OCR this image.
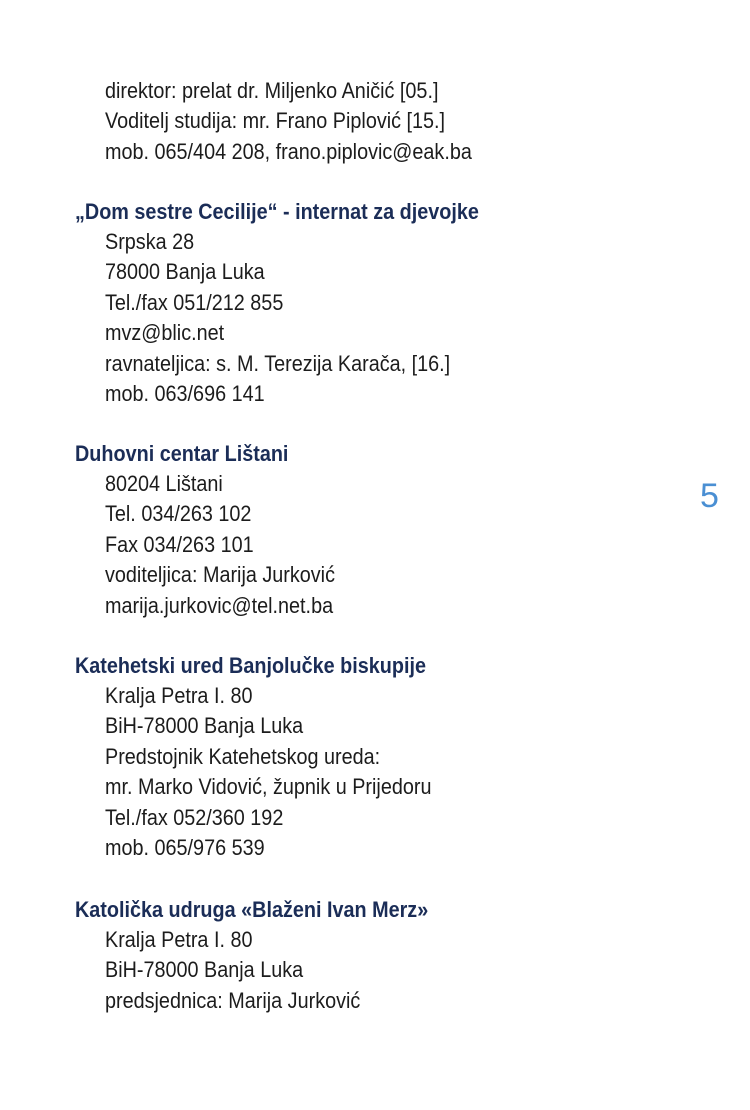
direktor: prelat dr. Miljenko Aničić [05.]
Voditelj studija: mr. Frano Piplović [15.]
mob. 065/404 208, frano.piplovic@eak.ba
„Dom sestre Cecilije“ - internat za djevojke
Srpska 28
78000 Banja Luka
Tel./fax 051/212 855
mvz@blic.net
ravnateljica: s. M. Terezija Karača, [16.]
mob. 063/696 141
Duhovni centar Lištani
80204 Lištani
Tel. 034/263 102
Fax 034/263 101
voditeljica: Marija Jurković
marija.jurkovic@tel.net.ba
Katehetski ured Banjolučke biskupije
Kralja Petra I. 80
BiH-78000 Banja Luka
Predstojnik Katehetskog ureda:
mr. Marko Vidović, župnik u Prijedoru
Tel./fax 052/360 192
mob. 065/976 539
Katolička udruga «Blaženi Ivan Merz»
Kralja Petra I. 80
BiH-78000 Banja Luka
predsjednica: Marija Jurković
5
